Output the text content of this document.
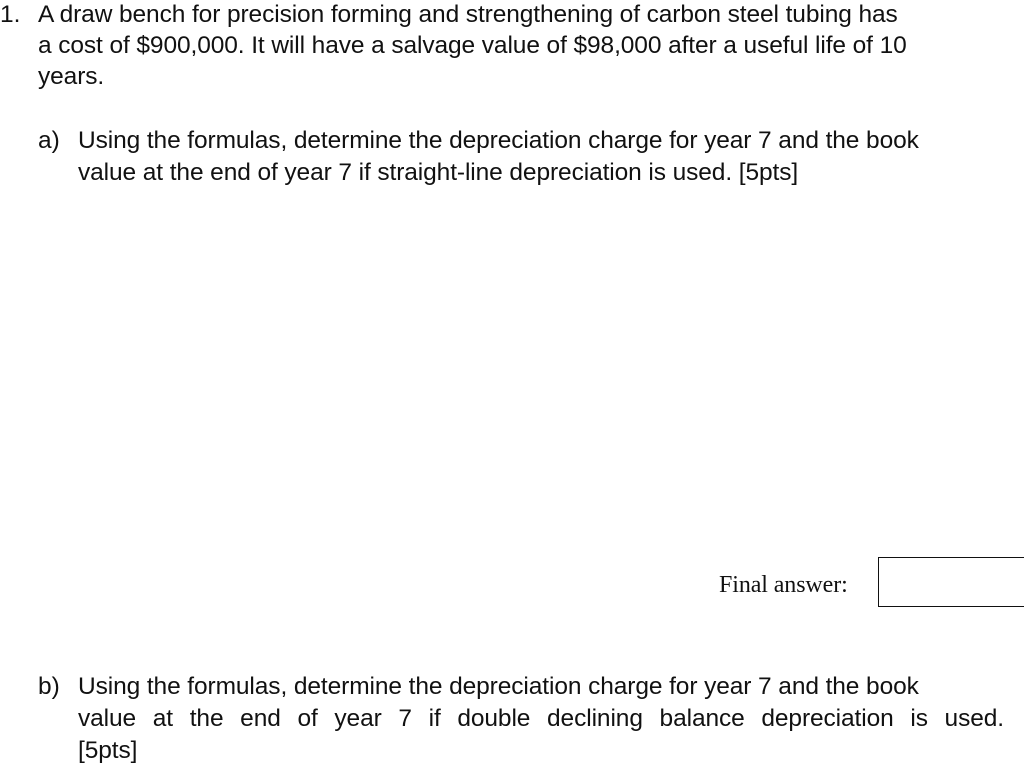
1. A draw bench for precision forming and strengthening of carbon steel tubing has
a cost of $900,000. It will have a salvage value of $98,000 after a useful life of 10
years.
a) Using the formulas, determine the depreciation charge for year 7 and the book
value at the end of year 7 if straight-line depreciation is used. [5pts]
Final answer:
b) Using the formulas, determine the depreciation charge for year 7 and the book
value at the end of year 7 if double declining balance depreciation is used.
[5pts]
